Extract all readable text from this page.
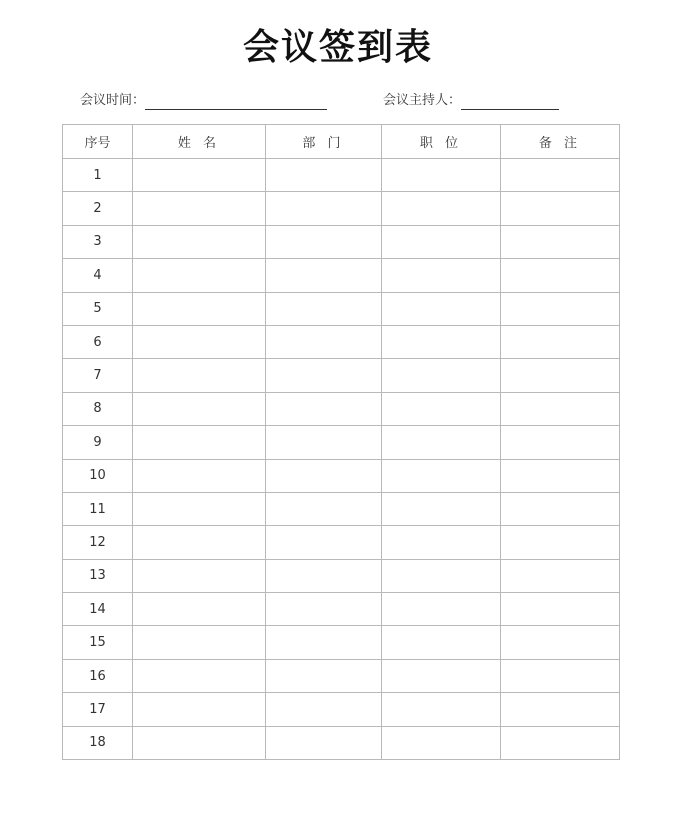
会议签到表
会议时间：	会议主持人：
序号	姓 名	部 门	职 位	备 注
1				
2				
3				
4				
5				
6				
7				
8				
9				
10				
11				
12				
13				
14				
15				
16				
17				
18				
